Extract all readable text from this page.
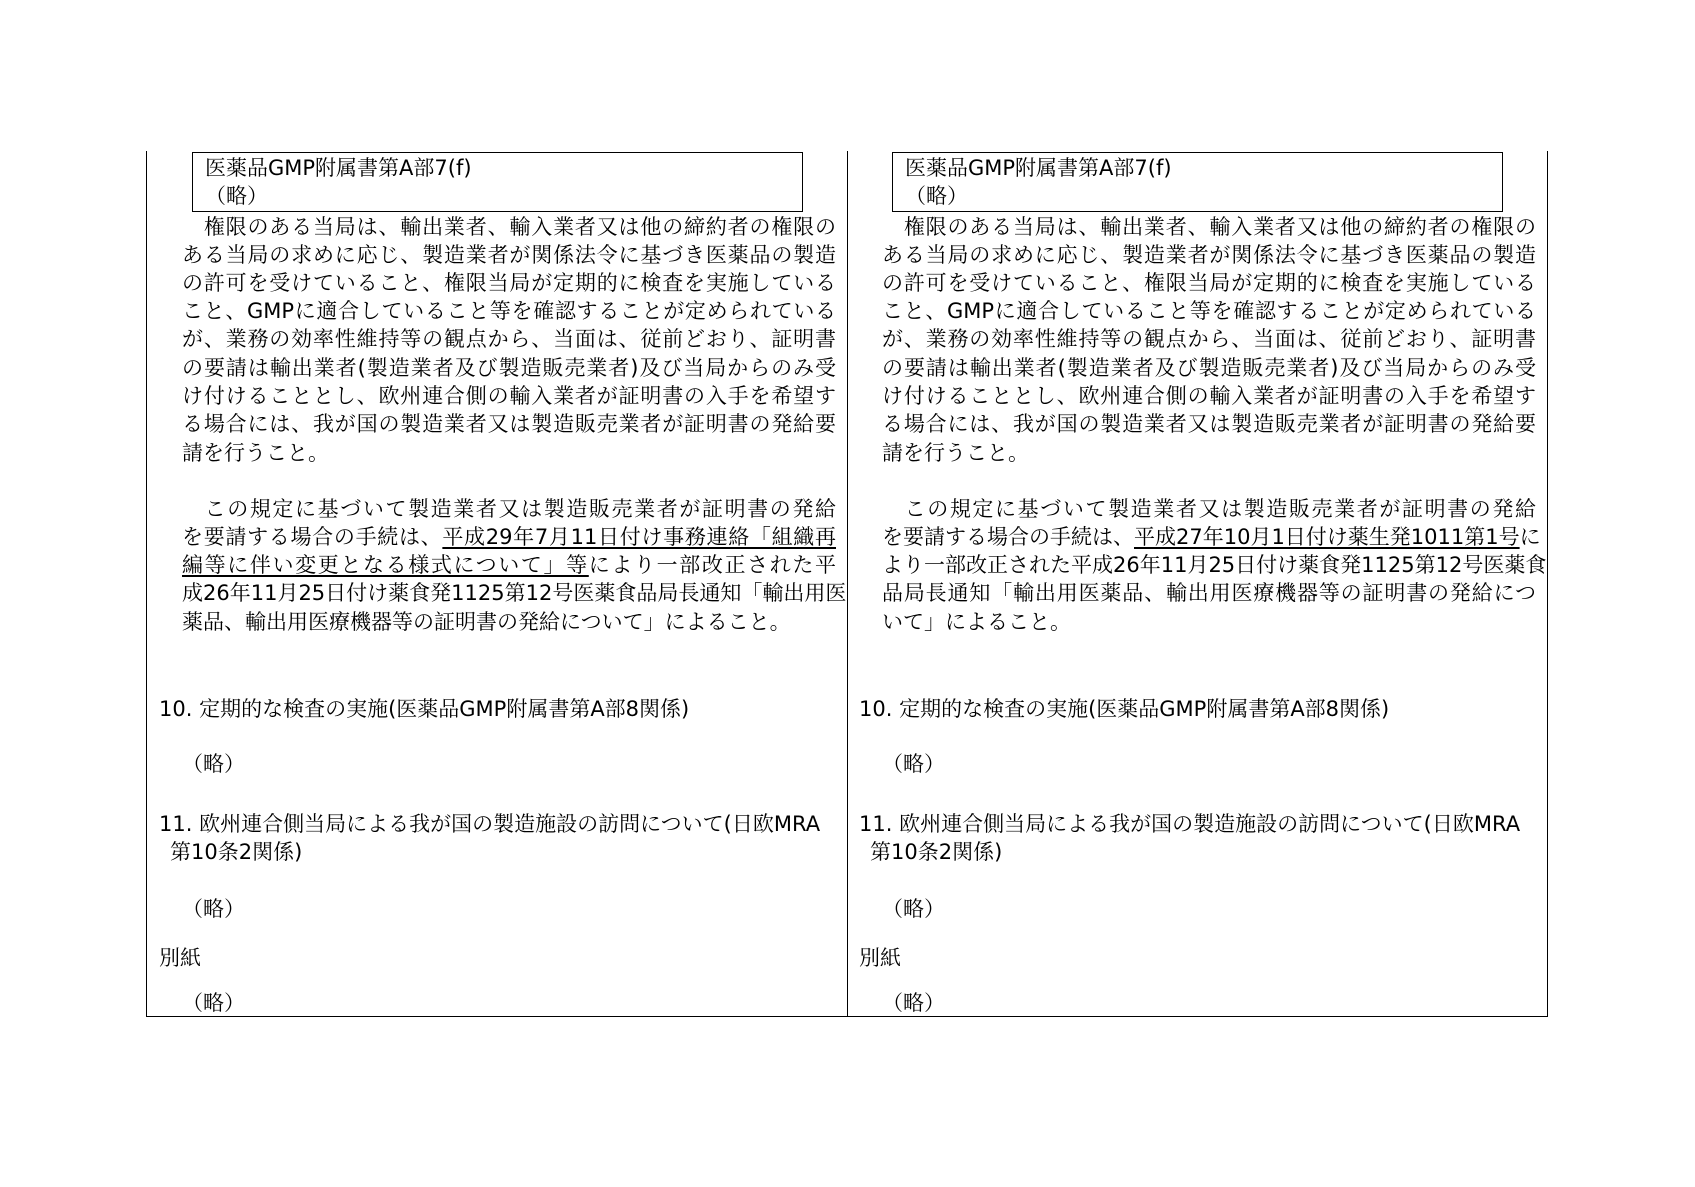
医薬品GMP附属書第A部7(f)
（略）
　権限のある当局は、輸出業者、輸入業者又は他の締約者の権限の
ある当局の求めに応じ、製造業者が関係法令に基づき医薬品の製造
の許可を受けていること、権限当局が定期的に検査を実施している
こと、GMPに適合していること等を確認することが定められている
が、業務の効率性維持等の観点から、当面は、従前どおり、証明書
の要請は輸出業者(製造業者及び製造販売業者)及び当局からのみ受
け付けることとし、欧州連合側の輸入業者が証明書の入手を希望す
る場合には、我が国の製造業者又は製造販売業者が証明書の発給要
請を行うこと。
　この規定に基づいて製造業者又は製造販売業者が証明書の発給
を要請する場合の手続は、平成29年7月11日付け事務連絡「組織再
編等に伴い変更となる様式について」等により一部改正された平
成26年11月25日付け薬食発1125第12号医薬食品局長通知「輸出用医
薬品、輸出用医療機器等の証明書の発給について」によること。
10. 定期的な検査の実施(医薬品GMP附属書第A部8関係)
（略）
11. 欧州連合側当局による我が国の製造施設の訪問について(日欧MRA
第10条2関係)
（略）
別紙
（略）
医薬品GMP附属書第A部7(f)
（略）
　権限のある当局は、輸出業者、輸入業者又は他の締約者の権限の
ある当局の求めに応じ、製造業者が関係法令に基づき医薬品の製造
の許可を受けていること、権限当局が定期的に検査を実施している
こと、GMPに適合していること等を確認することが定められている
が、業務の効率性維持等の観点から、当面は、従前どおり、証明書
の要請は輸出業者(製造業者及び製造販売業者)及び当局からのみ受
け付けることとし、欧州連合側の輸入業者が証明書の入手を希望す
る場合には、我が国の製造業者又は製造販売業者が証明書の発給要
請を行うこと。
　この規定に基づいて製造業者又は製造販売業者が証明書の発給
を要請する場合の手続は、平成27年10月1日付け薬生発1011第1号に
より一部改正された平成26年11月25日付け薬食発1125第12号医薬食
品局長通知「輸出用医薬品、輸出用医療機器等の証明書の発給につ
いて」によること。
10. 定期的な検査の実施(医薬品GMP附属書第A部8関係)
（略）
11. 欧州連合側当局による我が国の製造施設の訪問について(日欧MRA
第10条2関係)
（略）
別紙
（略）
